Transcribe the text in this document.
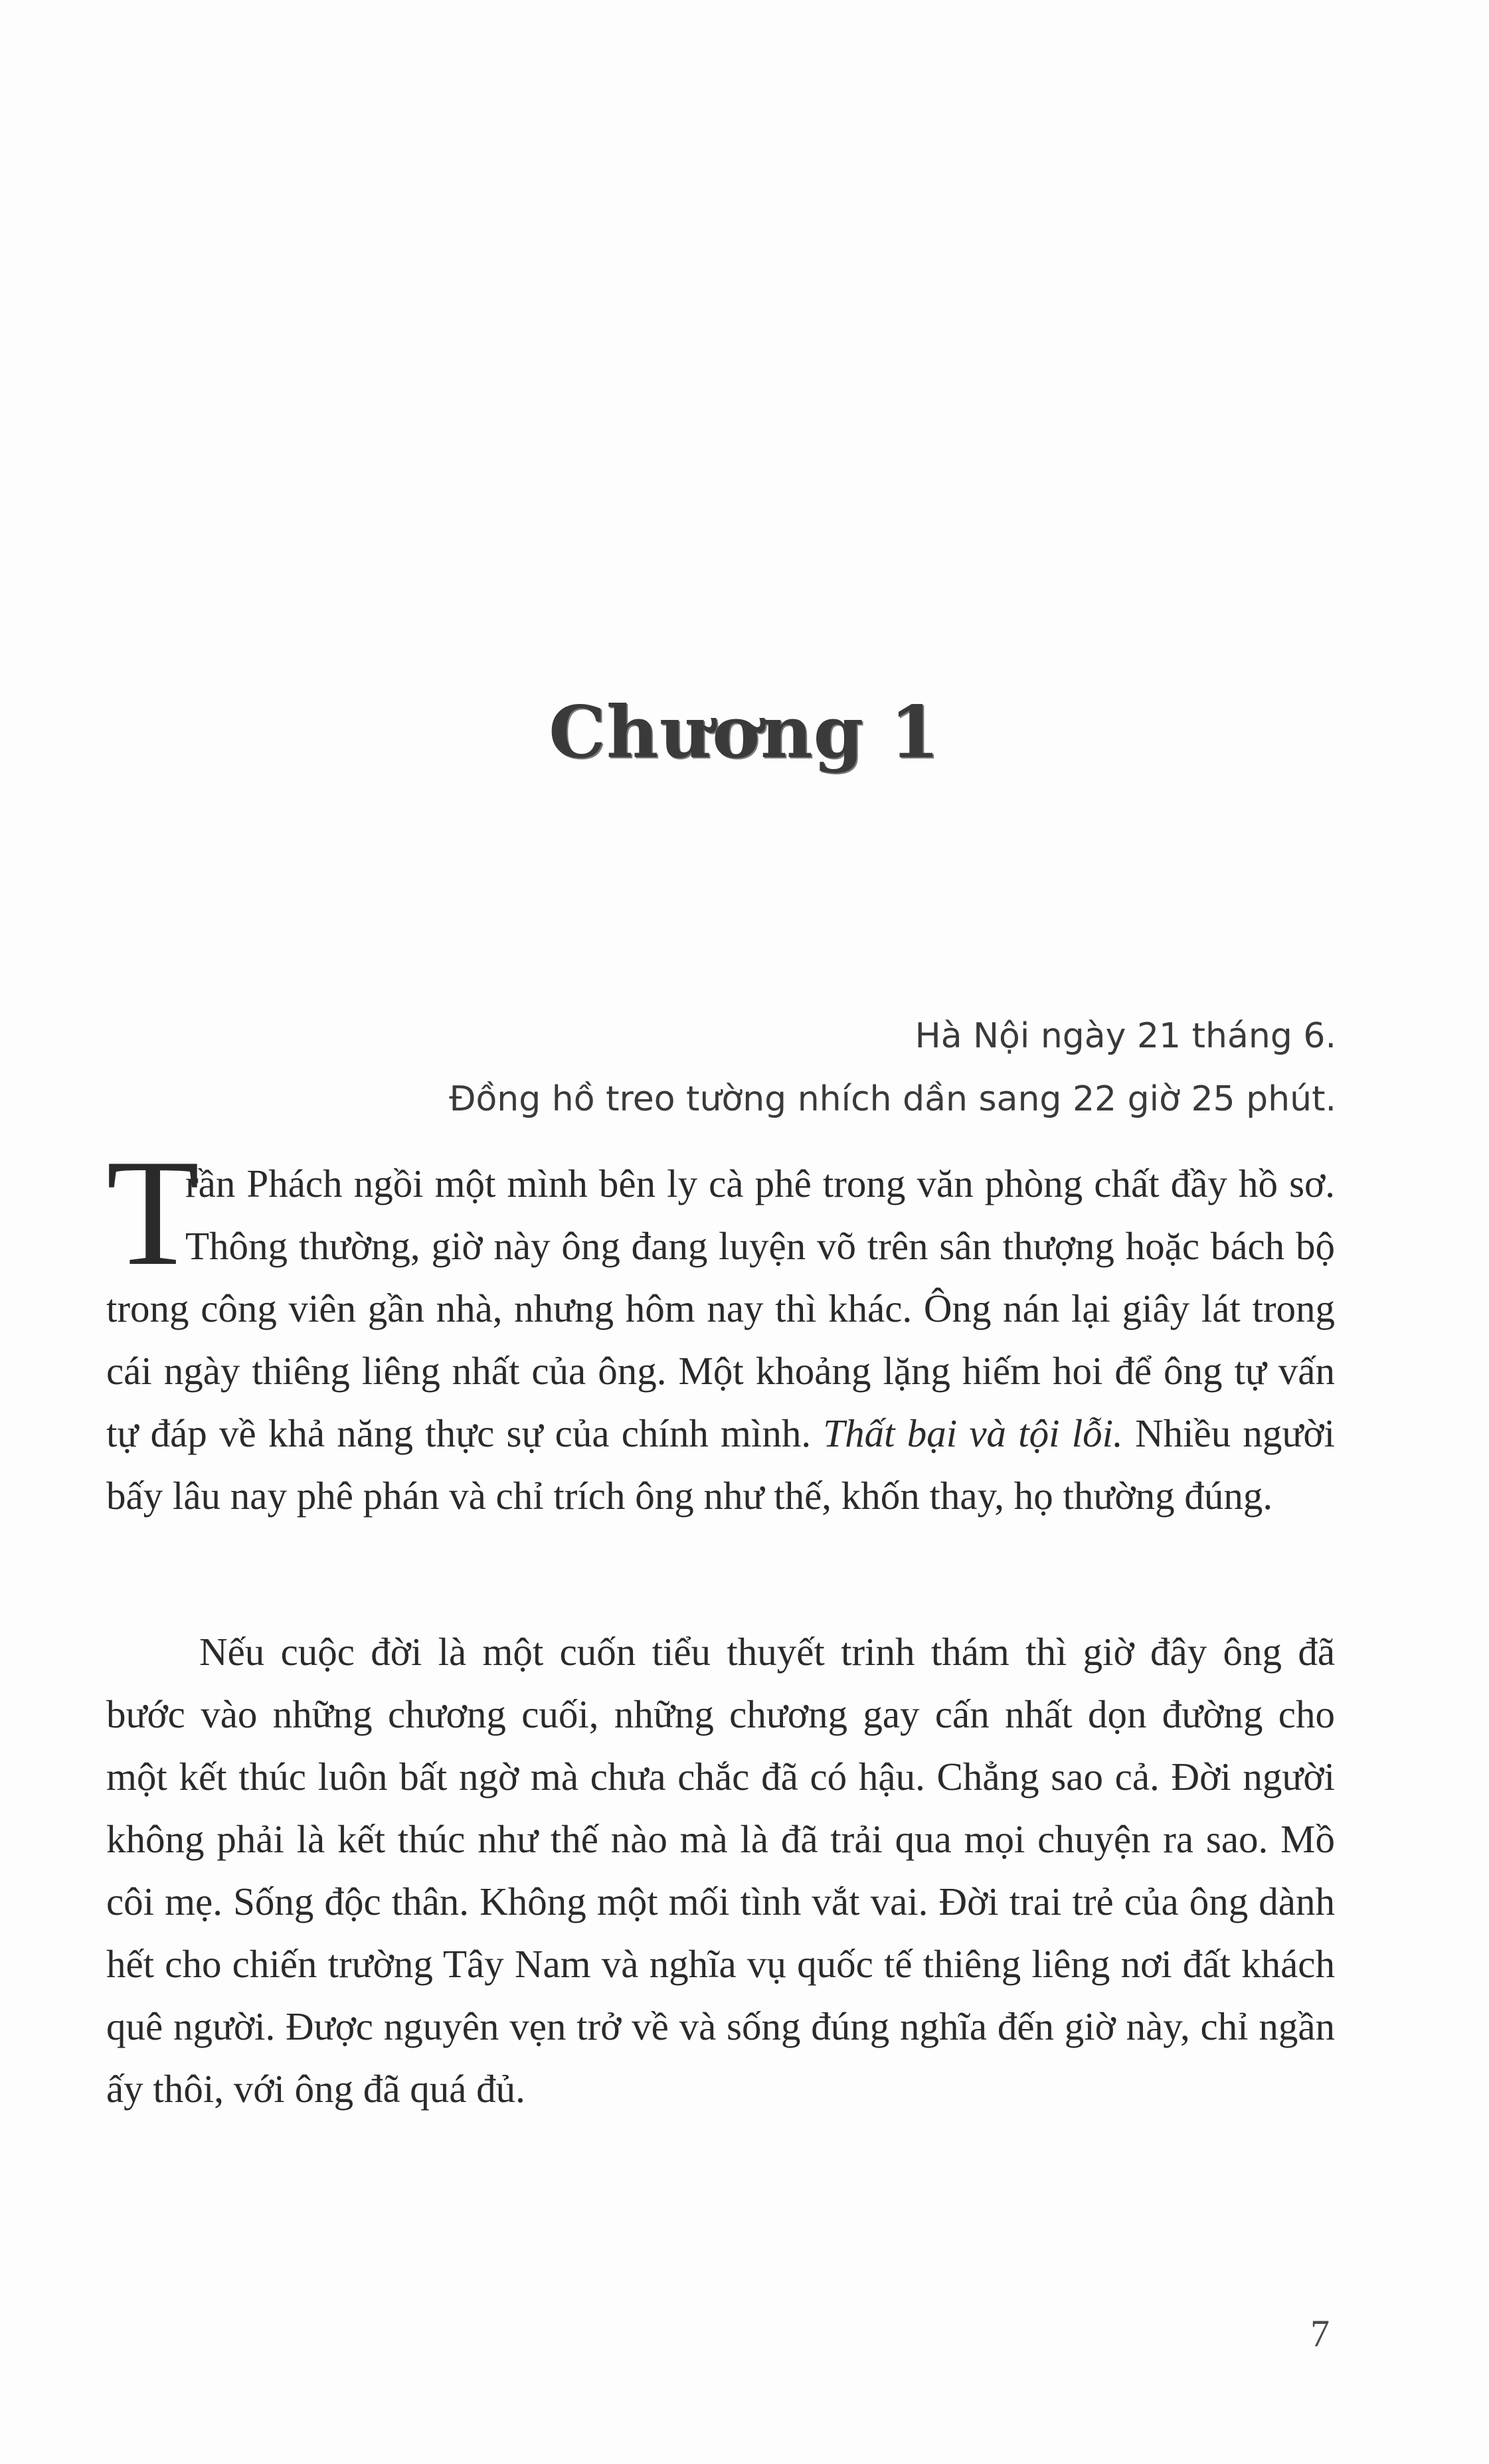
Chương 1
Hà Nội ngày 21 tháng 6.
Đồng hồ treo tường nhích dần sang 22 giờ 25 phút.
T
rần Phách ngồi một mình bên ly cà phê trong văn phòng chất đầy hồ sơ. Thông thường, giờ này ông đang luyện võ trên sân thượng hoặc bách bộ trong công viên gần nhà, nhưng hôm nay thì khác. Ông nán lại giây lát trong cái ngày thiêng liêng nhất của ông. Một khoảng lặng hiếm hoi để ông tự vấn tự đáp về khả năng thực sự của chính mình. Thất bại và tội lỗi. Nhiều người bấy lâu nay phê phán và chỉ trích ông như thế, khốn thay, họ thường đúng.
Nếu cuộc đời là một cuốn tiểu thuyết trinh thám thì giờ đây ông đã bước vào những chương cuối, những chương gay cấn nhất dọn đường cho một kết thúc luôn bất ngờ mà chưa chắc đã có hậu. Chẳng sao cả. Đời người không phải là kết thúc như thế nào mà là đã trải qua mọi chuyện ra sao. Mồ côi mẹ. Sống độc thân. Không một mối tình vắt vai. Đời trai trẻ của ông dành hết cho chiến trường Tây Nam và nghĩa vụ quốc tế thiêng liêng nơi đất khách quê người. Được nguyên vẹn trở về và sống đúng nghĩa đến giờ này, chỉ ngần ấy thôi, với ông đã quá đủ.
7
